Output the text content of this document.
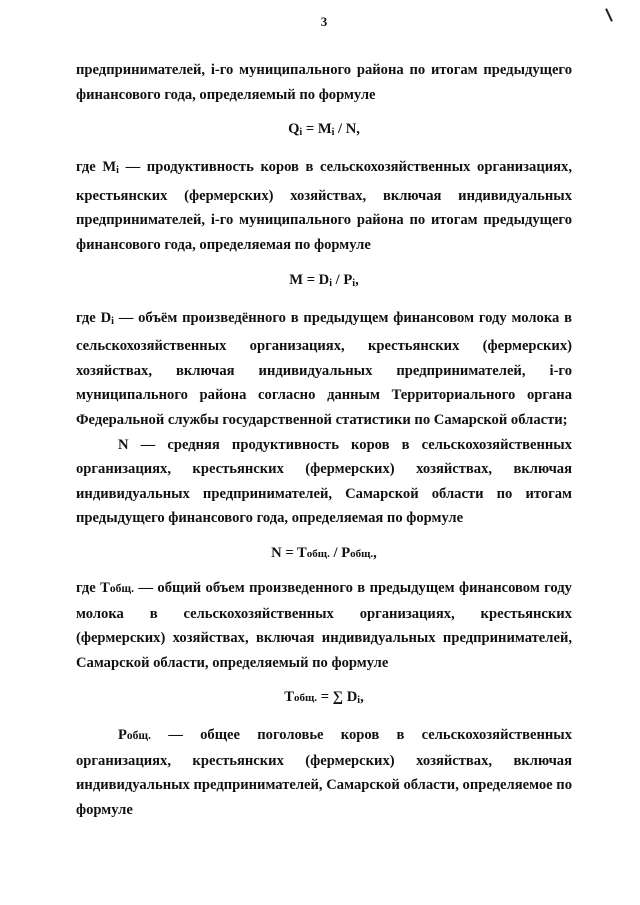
3

предпринимателей, i-го муниципального района по итогам предыдущего финансового года, определяемый по формуле

$Q_i = M_i / N$,

где Mi — продуктивность коров в сельскохозяйственных организациях, крестьянских (фермерских) хозяйствах, включая индивидуальных предпринимателей, i-го муниципального района по итогам предыдущего финансового года, определяемая по формуле

$M = D_i / P_i$,

где Di — объём произведённого в предыдущем финансовом году молока в сельскохозяйственных организациях, крестьянских (фермерских) хозяйствах, включая индивидуальных предпринимателей, i-го муниципального района согласно данным Территориального органа Федеральной службы государственной статистики по Самарской области;

N — средняя продуктивность коров в сельскохозяйственных организациях, крестьянских (фермерских) хозяйствах, включая индивидуальных предпринимателей, Самарской области по итогам предыдущего финансового года, определяемая по формуле

N = Tобщ. / Pобщ.,

где Tобщ. — общий объем произведенного в предыдущем финансовом году молока в сельскохозяйственных организациях, крестьянских (фермерских) хозяйствах, включая индивидуальных предпринимателей, Самарской области, определяемый по формуле

Tобщ. = ∑ $D_i$,

Pобщ. — общее поголовье коров в сельскохозяйственных организациях, крестьянских (фермерских) хозяйствах, включая индивидуальных предпринимателей, Самарской области, определяемое по формуле
